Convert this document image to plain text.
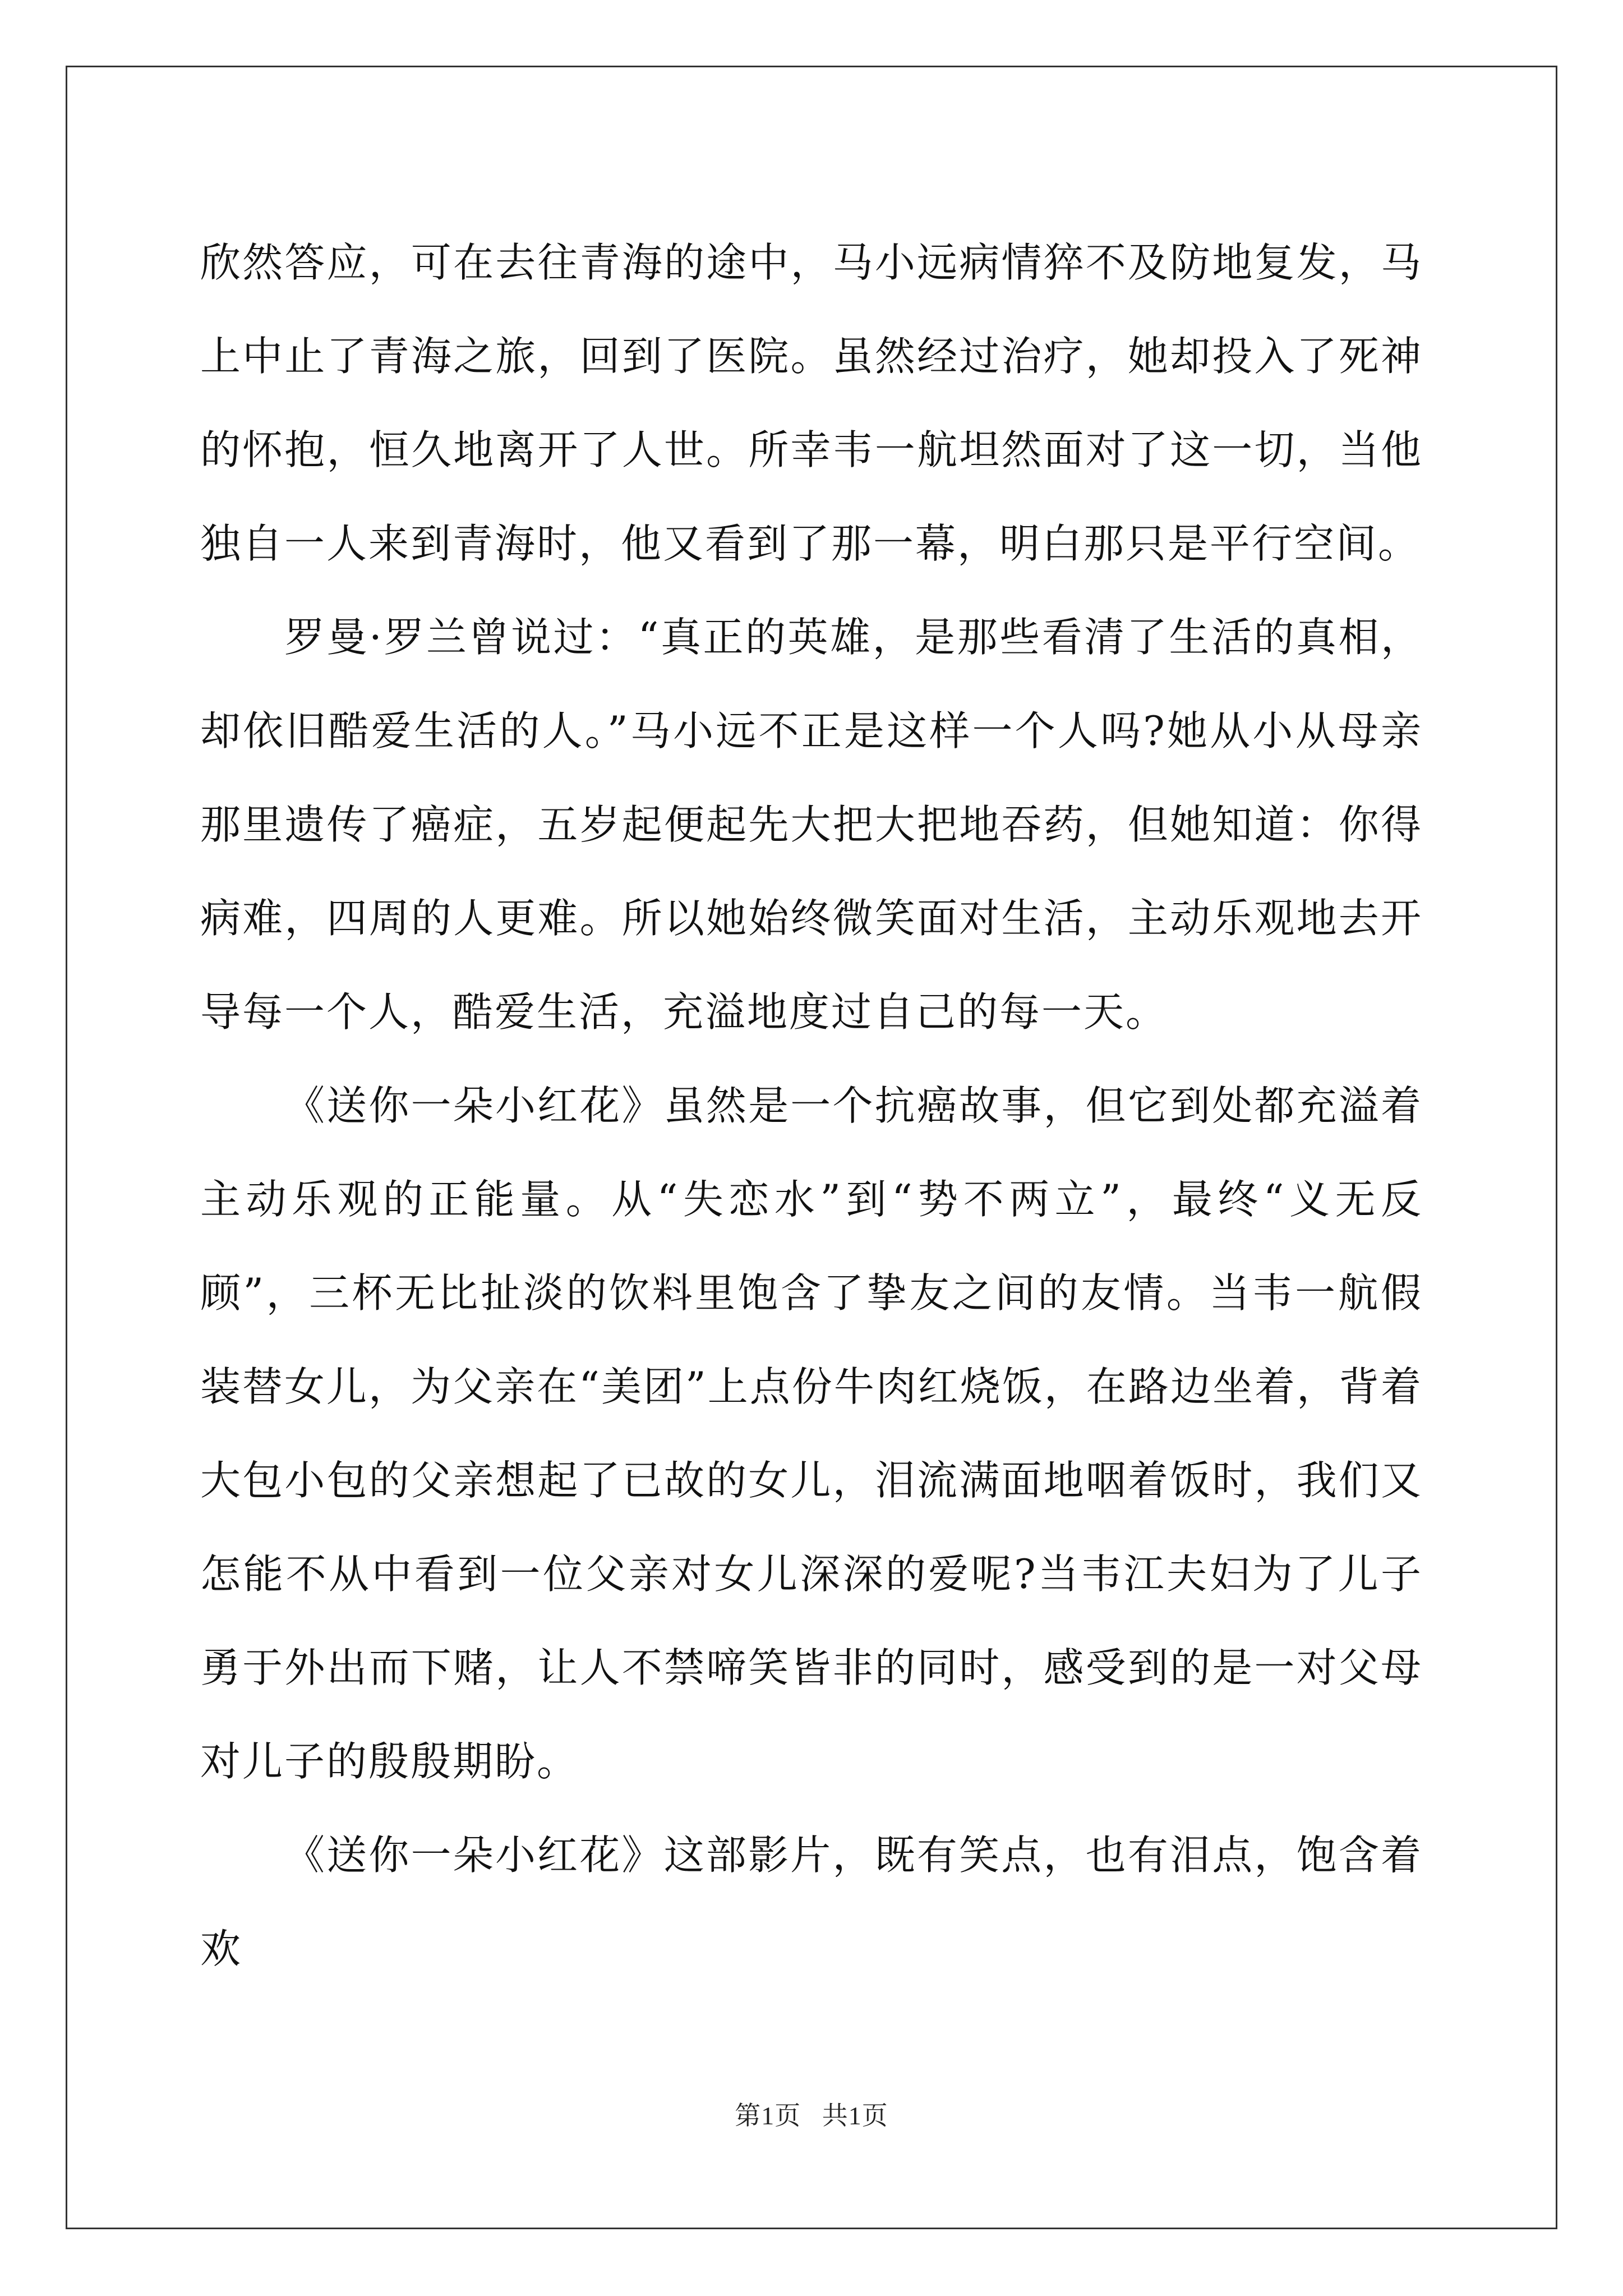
欣然答应，可在去往青海的途中，马小远病情猝不及防地复发，马上中止了青海之旅，回到了医院。虽然经过治疗，她却投入了死神的怀抱，恒久地离开了人世。所幸韦一航坦然面对了这一切，当他独自一人来到青海时，他又看到了那一幕，明白那只是平行空间。

罗曼·罗兰曾说过：“真正的英雄，是那些看清了生活的真相，却依旧酷爱生活的人。”马小远不正是这样一个人吗?她从小从母亲那里遗传了癌症，五岁起便起先大把大把地吞药，但她知道：你得病难，四周的人更难。所以她始终微笑面对生活，主动乐观地去开导每一个人，酷爱生活，充溢地度过自己的每一天。

《送你一朵小红花》虽然是一个抗癌故事，但它到处都充溢着主动乐观的正能量。从“失恋水”到“势不两立”，最终“义无反顾”，三杯无比扯淡的饮料里饱含了挚友之间的友情。当韦一航假装替女儿，为父亲在“美团”上点份牛肉红烧饭，在路边坐着，背着大包小包的父亲想起了已故的女儿，泪流满面地咽着饭时，我们又怎能不从中看到一位父亲对女儿深深的爱呢?当韦江夫妇为了儿子勇于外出而下赌，让人不禁啼笑皆非的同时，感受到的是一对父母对儿子的殷殷期盼。

《送你一朵小红花》这部影片，既有笑点，也有泪点，饱含着欢

第1页 共1页
